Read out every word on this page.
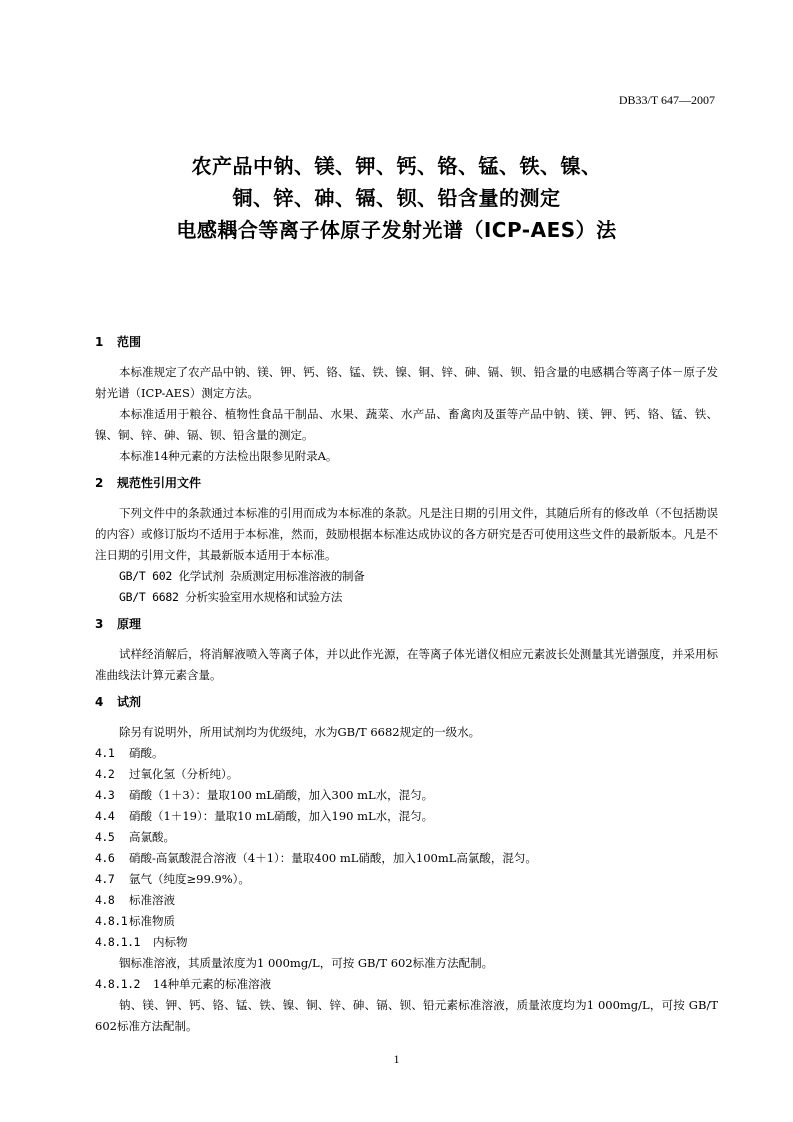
DB33/T 647—2007
农产品中钠、镁、钾、钙、铬、锰、铁、镍、
铜、锌、砷、镉、钡、铅含量的测定
电感耦合等离子体原子发射光谱（ICP-AES）法
1 范围

本标准规定了农产品中钠、镁、钾、钙、铬、锰、铁、镍、铜、锌、砷、镉、钡、铅含量的电感耦合等离子体－原子发射光谱（ICP-AES）测定方法。

本标准适用于粮谷、植物性食品干制品、水果、蔬菜、水产品、畜禽肉及蛋等产品中钠、镁、钾、钙、铬、锰、铁、镍、铜、锌、砷、镉、钡、铅含量的测定。

本标准14种元素的方法检出限参见附录A。

2 规范性引用文件

下列文件中的条款通过本标准的引用而成为本标准的条款。凡是注日期的引用文件，其随后所有的修改单（不包括勘误的内容）或修订版均不适用于本标准，然而，鼓励根据本标准达成协议的各方研究是否可使用这些文件的最新版本。凡是不注日期的引用文件，其最新版本适用于本标准。

GB/T 602 化学试剂 杂质测定用标准溶液的制备

GB/T 6682 分析实验室用水规格和试验方法

3 原理

试样经消解后，将消解液喷入等离子体，并以此作光源，在等离子体光谱仪相应元素波长处测量其光谱强度，并采用标准曲线法计算元素含量。

4 试剂

除另有说明外，所用试剂均为优级纯，水为GB/T 6682规定的一级水。

4.1 硝酸。

4.2 过氧化氢（分析纯）。

4.3 硝酸（1＋3）：量取100 mL硝酸，加入300 mL水，混匀。

4.4 硝酸（1＋19）：量取10 mL硝酸，加入190 mL水，混匀。

4.5 高氯酸。

4.6 硝酸-高氯酸混合溶液（4＋1）：量取400 mL硝酸，加入100mL高氯酸，混匀。

4.7 氩气（纯度≥99.9%）。

4.8 标准溶液

4.8.1 标准物质

4.8.1.1 内标物

铟标准溶液，其质量浓度为1 000mg/L，可按 GB/T 602标准方法配制。

4.8.1.2 14种单元素的标准溶液

钠、镁、钾、钙、铬、锰、铁、镍、铜、锌、砷、镉、钡、铅元素标准溶液，质量浓度均为1 000mg/L，可按 GB/T 602标准方法配制。

1
